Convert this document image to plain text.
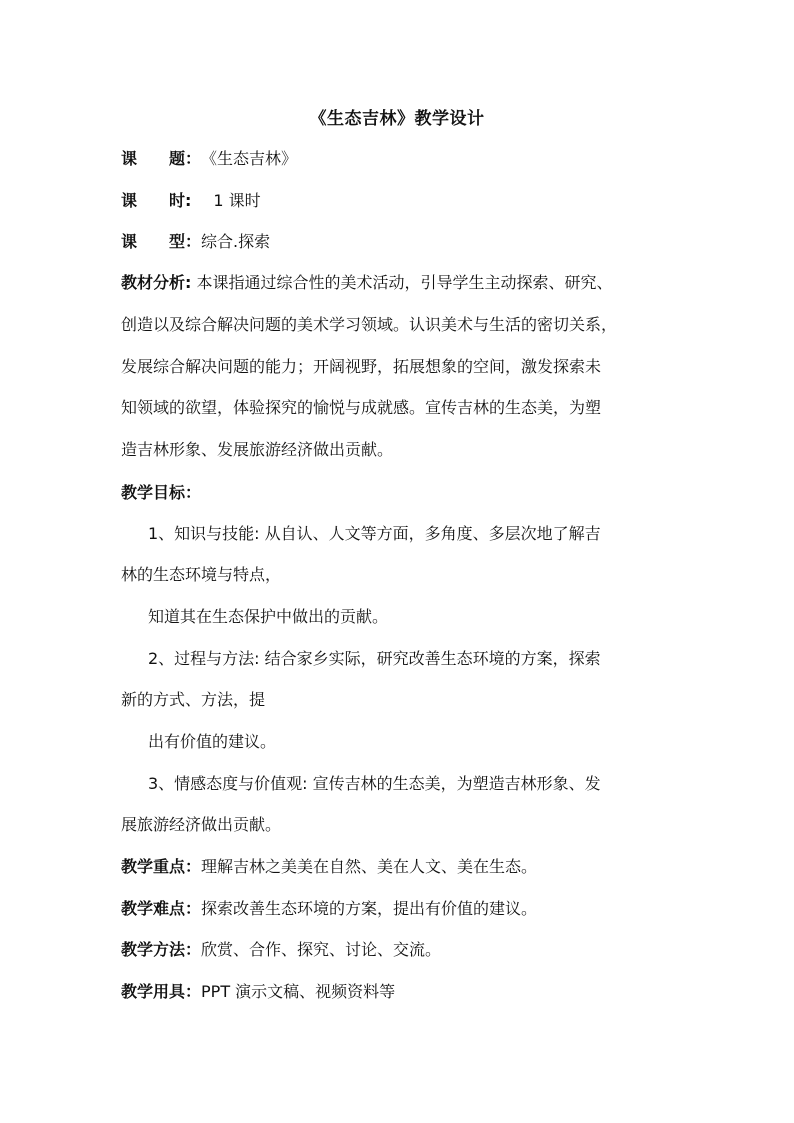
《生态吉林》教学设计
课 题：《生态吉林》
课 时: 1 课时
课 型：综合.探索
教材分析: 本课指通过综合性的美术活动，引导学生主动探索、研究、
创造以及综合解决问题的美术学习领域。认识美术与生活的密切关系，
发展综合解决问题的能力；开阔视野，拓展想象的空间，激发探索未
知领域的欲望，体验探究的愉悦与成就感。宣传吉林的生态美，为塑
造吉林形象、发展旅游经济做出贡献。
教学目标：
1、知识与技能: 从自认、人文等方面，多角度、多层次地了解吉
林的生态环境与特点，
知道其在生态保护中做出的贡献。
2、过程与方法: 结合家乡实际，研究改善生态环境的方案，探索
新的方式、方法，提
出有价值的建议。
3、情感态度与价值观: 宣传吉林的生态美，为塑造吉林形象、发
展旅游经济做出贡献。
教学重点：理解吉林之美美在自然、美在人文、美在生态。
教学难点：探索改善生态环境的方案，提出有价值的建议。
教学方法：欣赏、合作、探究、讨论、交流。
教学用具：PPT 演示文稿、视频资料等
